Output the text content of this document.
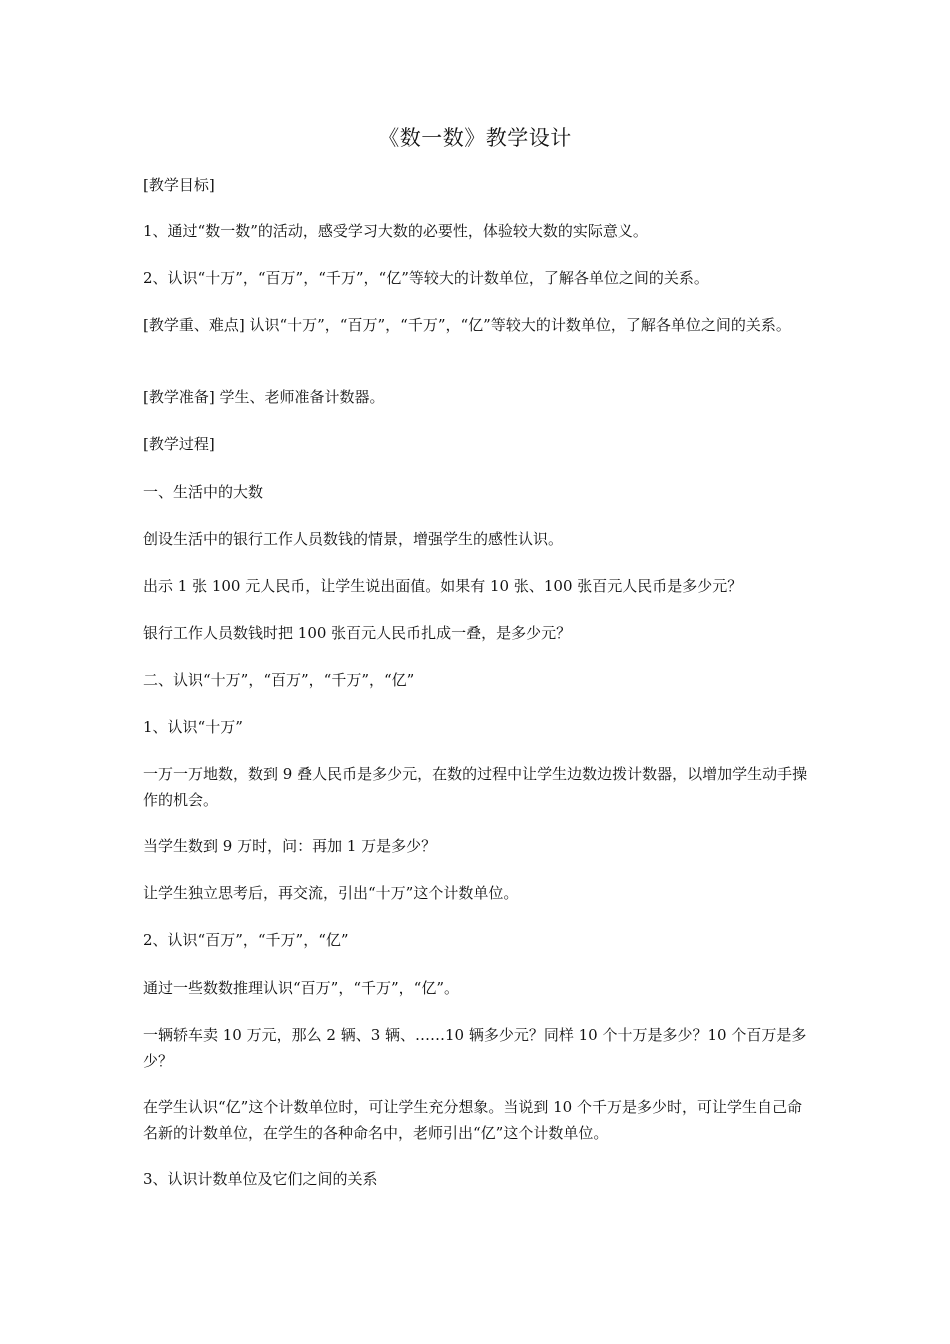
《数一数》教学设计

[教学目标]

1、通过“数一数”的活动，感受学习大数的必要性，体验较大数的实际意义。

2、认识“十万”，“百万”，“千万”，“亿”等较大的计数单位，了解各单位之间的关系。

[教学重、难点] 认识“十万”，“百万”，“千万”，“亿”等较大的计数单位，了解各单位之间的关系。

[教学准备] 学生、老师准备计数器。

[教学过程]

一、生活中的大数

创设生活中的银行工作人员数钱的情景，增强学生的感性认识。

出示 1 张 100 元人民币，让学生说出面值。如果有 10 张、100 张百元人民币是多少元？

银行工作人员数钱时把 100 张百元人民币扎成一叠，是多少元？

二、认识“十万”，“百万”，“千万”，“亿”

1、认识“十万”

一万一万地数，数到 9 叠人民币是多少元，在数的过程中让学生边数边拨计数器，以增加学生动手操作的机会。

当学生数到 9 万时，问：再加 1 万是多少？

让学生独立思考后，再交流，引出“十万”这个计数单位。

2、认识“百万”，“千万”，“亿”

通过一些数数推理认识“百万”，“千万”，“亿”。

一辆轿车卖 10 万元，那么 2 辆、3 辆、……10 辆多少元？同样 10 个十万是多少？10 个百万是多少？

在学生认识“亿”这个计数单位时，可让学生充分想象。当说到 10 个千万是多少时，可让学生自己命名新的计数单位，在学生的各种命名中，老师引出“亿”这个计数单位。

3、认识计数单位及它们之间的关系
